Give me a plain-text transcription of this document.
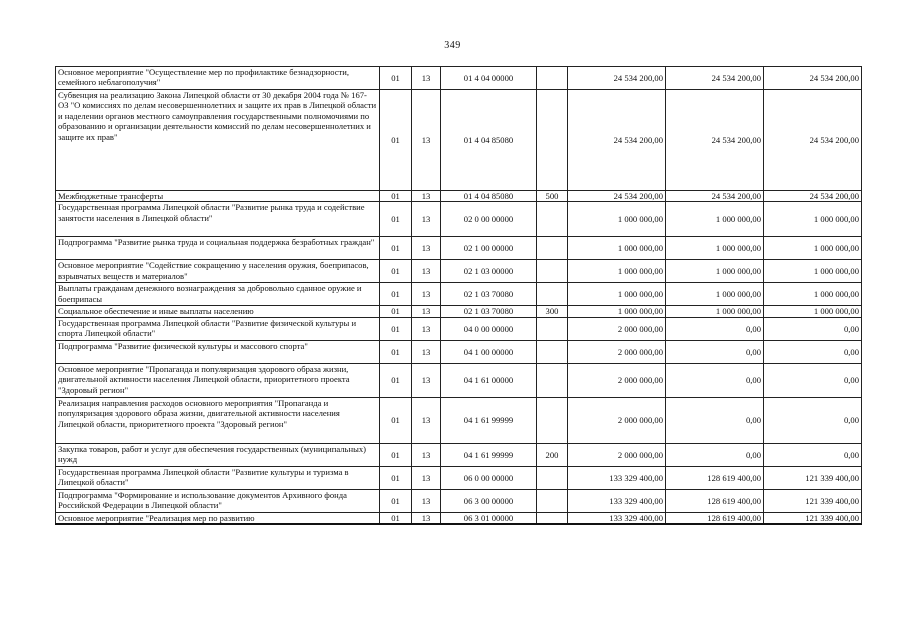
349
Основное мероприятие "Осуществление мер по профилактике безнадзорности, семейного неблагополучия"	01	13	01 4 04 00000		24 534 200,00	24 534 200,00	24 534 200,00
Субвенция на реализацию Закона Липецкой области от 30 декабря 2004 года № 167-ОЗ "О комиссиях по делам несовершеннолетних и защите их прав в Липецкой области и наделении органов местного самоуправления государственными полномочиями по образованию и организации деятельности комиссий по делам несовершеннолетних и защите их прав"	01	13	01 4 04 85080		24 534 200,00	24 534 200,00	24 534 200,00
Межбюджетные трансферты	01	13	01 4 04 85080	500	24 534 200,00	24 534 200,00	24 534 200,00
Государственная программа Липецкой области "Развитие рынка труда и содействие занятости населения в Липецкой области"	01	13	02 0 00 00000		1 000 000,00	1 000 000,00	1 000 000,00
Подпрограмма "Развитие рынка труда и социальная поддержка безработных граждан"	01	13	02 1 00 00000		1 000 000,00	1 000 000,00	1 000 000,00
Основное мероприятие "Содействие сокращению у населения оружия, боеприпасов, взрывчатых веществ и материалов"	01	13	02 1 03 00000		1 000 000,00	1 000 000,00	1 000 000,00
Выплаты гражданам денежного вознаграждения за добровольно сданное оружие и боеприпасы	01	13	02 1 03 70080		1 000 000,00	1 000 000,00	1 000 000,00
Социальное обеспечение и иные выплаты населению	01	13	02 1 03 70080	300	1 000 000,00	1 000 000,00	1 000 000,00
Государственная программа Липецкой области "Развитие физической культуры и спорта Липецкой области"	01	13	04 0 00 00000		2 000 000,00	0,00	0,00
Подпрограмма "Развитие физической культуры и массового спорта"	01	13	04 1 00 00000		2 000 000,00	0,00	0,00
Основное мероприятие "Пропаганда и популяризация здорового образа жизни, двигательной активности населения Липецкой области, приоритетного проекта "Здоровый регион"	01	13	04 1 61 00000		2 000 000,00	0,00	0,00
Реализация направления расходов основного мероприятия "Пропаганда и популяризация здорового образа жизни, двигательной активности населения Липецкой области, приоритетного проекта "Здоровый регион"	01	13	04 1 61 99999		2 000 000,00	0,00	0,00
Закупка товаров, работ и услуг для обеспечения государственных (муниципальных) нужд	01	13	04 1 61 99999	200	2 000 000,00	0,00	0,00
Государственная программа Липецкой области "Развитие культуры и туризма в Липецкой области"	01	13	06 0 00 00000		133 329 400,00	128 619 400,00	121 339 400,00
Подпрограмма "Формирование и использование документов Архивного фонда Российской Федерации в Липецкой области"	01	13	06 3 00 00000		133 329 400,00	128 619 400,00	121 339 400,00
Основное мероприятие "Реализация мер по развитию	01	13	06 3 01 00000		133 329 400,00	128 619 400,00	121 339 400,00
